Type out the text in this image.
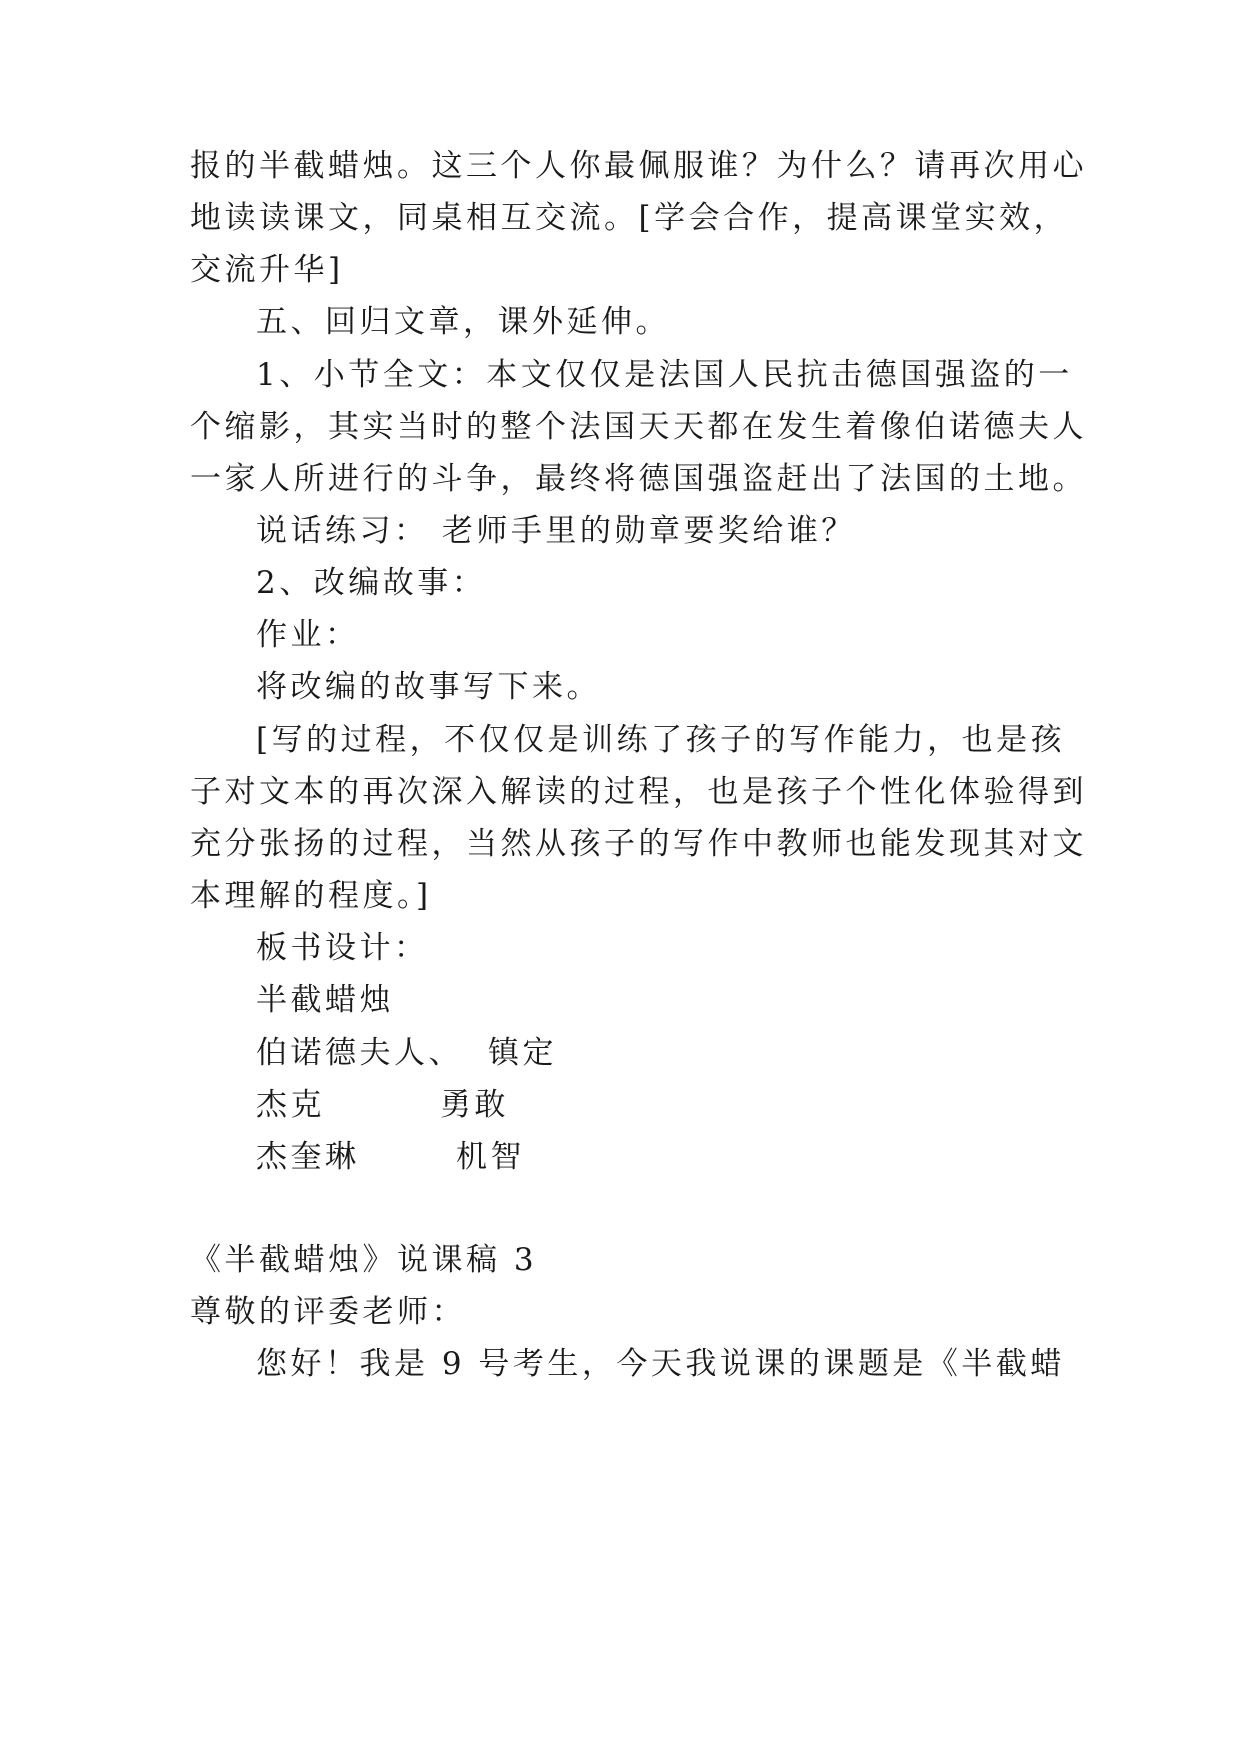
报的半截蜡烛。这三个人你最佩服谁？为什么？请再次用心
地读读课文，同桌相互交流。[学会合作，提高课堂实效，
交流升华]
五、回归文章，课外延伸。
1、小节全文：本文仅仅是法国人民抗击德国强盗的一
个缩影，其实当时的整个法国天天都在发生着像伯诺德夫人
一家人所进行的斗争，最终将德国强盗赶出了法国的土地。
说话练习： 老师手里的勋章要奖给谁？
2、改编故事：
作业：
将改编的故事写下来。
[写的过程，不仅仅是训练了孩子的写作能力，也是孩
子对文本的再次深入解读的过程，也是孩子个性化体验得到
充分张扬的过程，当然从孩子的写作中教师也能发现其对文
本理解的程度。]
板书设计：
半截蜡烛
伯诺德夫人、 镇定
杰克	勇敢
杰奎琳	机智
《半截蜡烛》说课稿 3
尊敬的评委老师：
您好！我是 9 号考生，今天我说课的课题是《半截蜡
